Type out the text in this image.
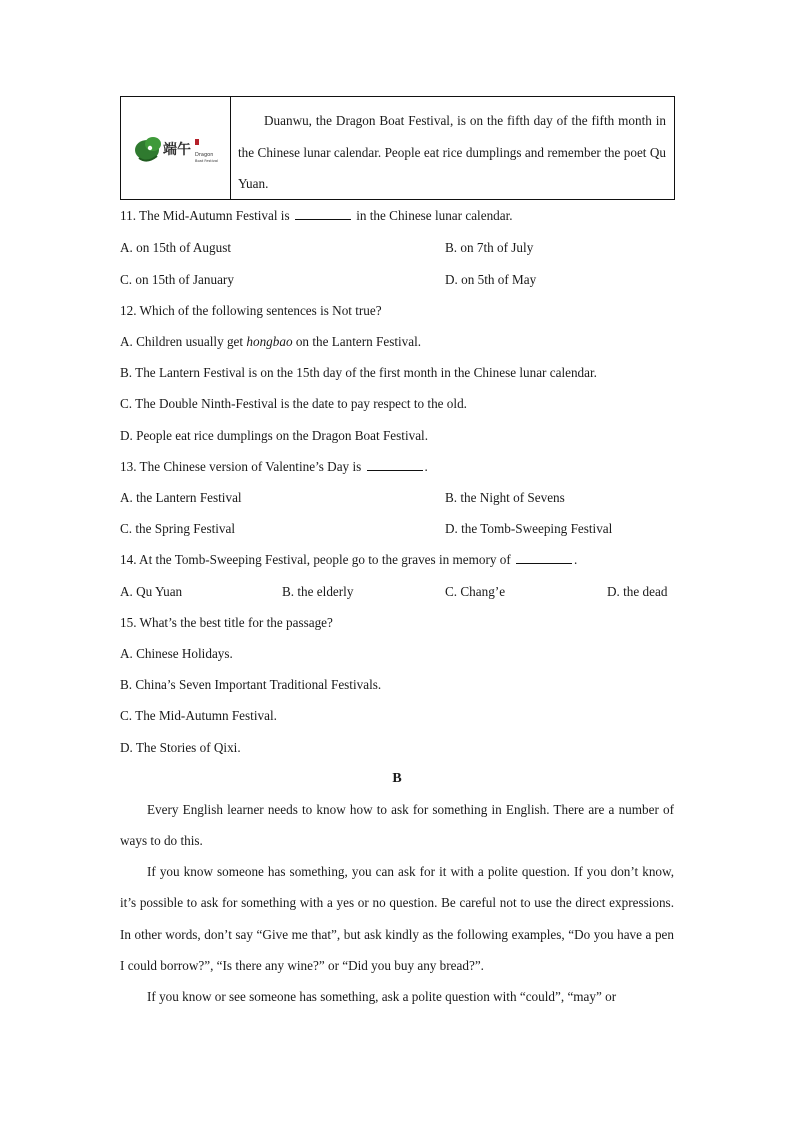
端午 Dragon
Boat Festival
Duanwu, the Dragon Boat Festival, is on the fifth day of the fifth month in the Chinese lunar calendar. People eat rice dumplings and remember the poet Qu Yuan.
11. The Mid-Autumn Festival is	in the Chinese lunar calendar.
A. on 15th of August	B. on 7th of July
C. on 15th of January	D. on 5th of May
12. Which of the following sentences is Not true?
A. Children usually get hongbao on the Lantern Festival.
B. The Lantern Festival is on the 15th day of the first month in the Chinese lunar calendar.
C. The Double Ninth-Festival is the date to pay respect to the old.
D. People eat rice dumplings on the Dragon Boat Festival.
13. The Chinese version of Valentine’s Day is	.
A. the Lantern Festival	B. the Night of Sevens
C. the Spring Festival	D. the Tomb-Sweeping Festival
14. At the Tomb-Sweeping Festival, people go to the graves in memory of	.
A. Qu Yuan	B. the elderly	C. Chang’e	D. the dead
15. What’s the best title for the passage?
A. Chinese Holidays.
B. China’s Seven Important Traditional Festivals.
C. The Mid-Autumn Festival.
D. The Stories of Qixi.
B
Every English learner needs to know how to ask for something in English. There are a number of ways to do this.
If you know someone has something, you can ask for it with a polite question. If you don’t know, it’s possible to ask for something with a yes or no question. Be careful not to use the direct expressions. In other words, don’t say “Give me that”, but ask kindly as the following examples, “Do you have a pen I could borrow?”, “Is there any wine?” or “Did you buy any bread?”.
If you know or see someone has something, ask a polite question with “could”, “may” or
